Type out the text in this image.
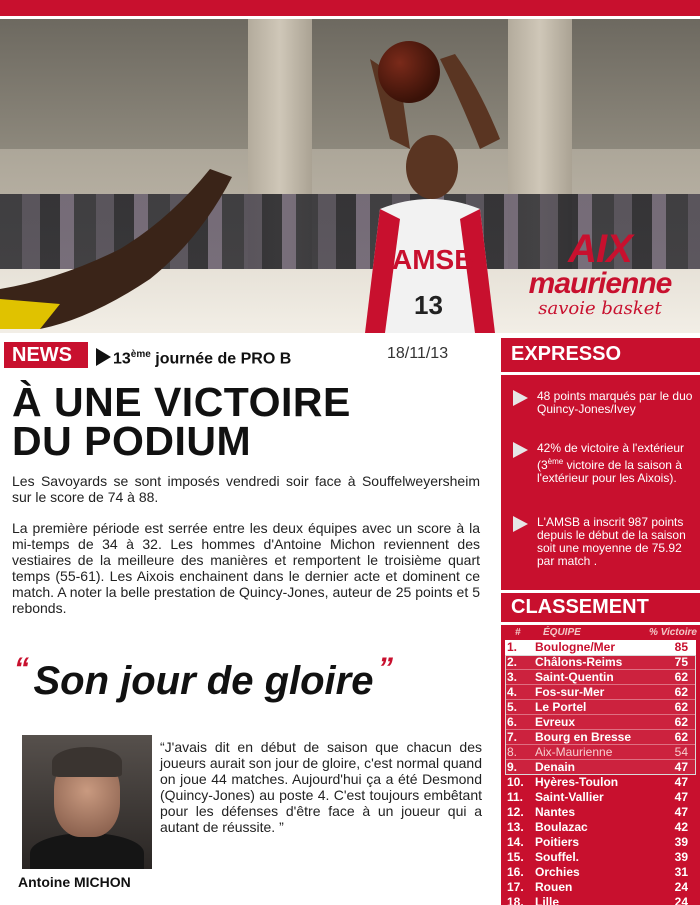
AMSB
13
AIX
maurienne
savoie basket
NEWS	13ème journée de PRO B	18/11/13
À UNE VICTOIRE
DU PODIUM
Les Savoyards se sont imposés vendredi soir face à Souffelweyersheim sur le score de 74 à 88.
La première période est serrée entre les deux équipes avec un score à la mi-temps de 34 à 32. Les hommes d'Antoine Michon reviennent des vestiaires de la meilleure des manières et remportent le troisième quart temps (55-61). Les Aixois enchainent dans le dernier acte et dominent ce match. A noter la belle prestation de Quincy-Jones, auteur de 25 points et 5 rebonds.
“ Son jour de gloire ”
Antoine MICHON
“J'avais dit en début de saison que chacun des joueurs aurait son jour de gloire, c'est normal quand on joue 44 matches. Aujourd'hui ça a été Desmond (Quincy-Jones) au poste 4. C'est toujours embêtant pour les défenses d'être face à un joueur qui a autant de réussite. ”
EXPRESSO
48 points marqués par le duo Quincy-Jones/Ivey
42% de victoire à l'extérieur (3ème victoire de la saison à l'extérieur pour les Aixois).
L'AMSB a inscrit 987 points depuis le début de la saison soit une moyenne de 75.92 par match .
CLASSEMENT
# ÉQUIPE	% Victoire
1.	Boulogne/Mer	85
2.	Châlons-Reims	75
3.	Saint-Quentin	62
4.	Fos-sur-Mer	62
5.	Le Portel	62
6.	Evreux	62
7.	Bourg en Bresse	62
8.	Aix-Maurienne	54
9.	Denain	47
10. Hyères-Toulon	47
11. Saint-Vallier	47
12. Nantes	47
13. Boulazac	42
14. Poitiers	39
15. Souffel.	39
16. Orchies	31
17. Rouen	24
18. Lille	24
